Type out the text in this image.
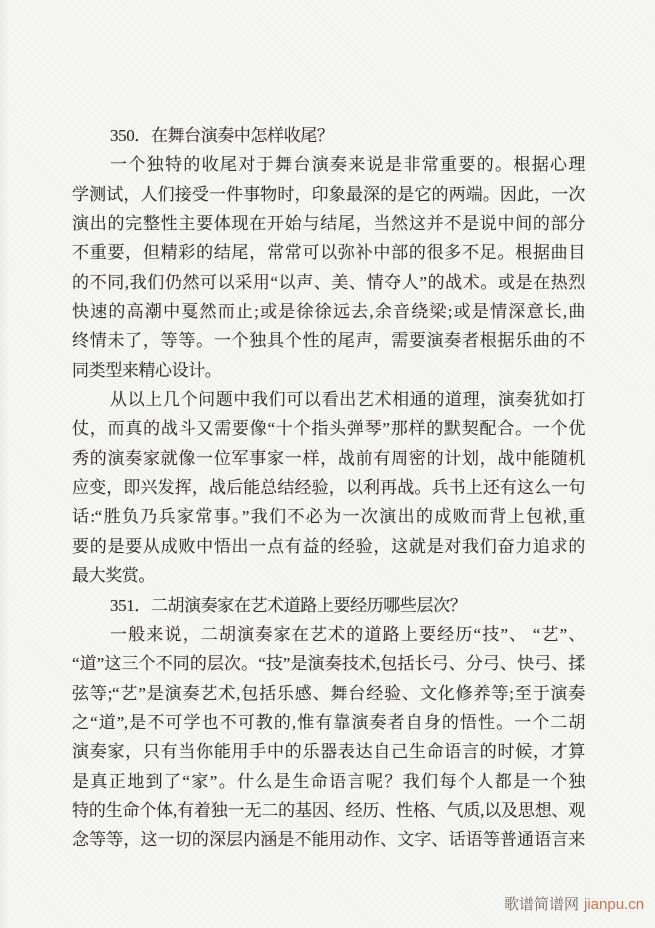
350．在舞台演奏中怎样收尾？
一个独特的收尾对于舞台演奏来说是非常重要的。根据心理
学测试，人们接受一件事物时，印象最深的是它的两端。因此，一次
演出的完整性主要体现在开始与结尾，当然这并不是说中间的部分
不重要，但精彩的结尾，常常可以弥补中部的很多不足。根据曲目
的不同,我们仍然可以采用“以声、美、情夺人”的战术。或是在热烈
快速的高潮中戛然而止;或是徐徐远去,余音绕梁;或是情深意长,曲
终情未了，等等。一个独具个性的尾声，需要演奏者根据乐曲的不
同类型来精心设计。
从以上几个问题中我们可以看出艺术相通的道理，演奏犹如打
仗，而真的战斗又需要像“十个指头弹琴”那样的默契配合。一个优
秀的演奏家就像一位军事家一样，战前有周密的计划，战中能随机
应变，即兴发挥，战后能总结经验，以利再战。兵书上还有这么一句
话:“胜负乃兵家常事。”我们不必为一次演出的成败而背上包袱,重
要的是要从成败中悟出一点有益的经验，这就是对我们奋力追求的
最大奖赏。
351．二胡演奏家在艺术道路上要经历哪些层次？
一般来说，二胡演奏家在艺术的道路上要经历“技”、 “艺”、
“道”这三个不同的层次。“技”是演奏技术,包括长弓、分弓、快弓、揉
弦等;“艺”是演奏艺术,包括乐感、舞台经验、文化修养等;至于演奏
之“道”,是不可学也不可教的,惟有靠演奏者自身的悟性。一个二胡
演奏家，只有当你能用手中的乐器表达自己生命语言的时候，才算
是真正地到了“家”。什么是生命语言呢？我们每个人都是一个独
特的生命个体,有着独一无二的基因、经历、性格、气质,以及思想、观
念等等，这一切的深层内涵是不能用动作、文字、话语等普通语言来
歌谱简谱网 jianpu.cn
